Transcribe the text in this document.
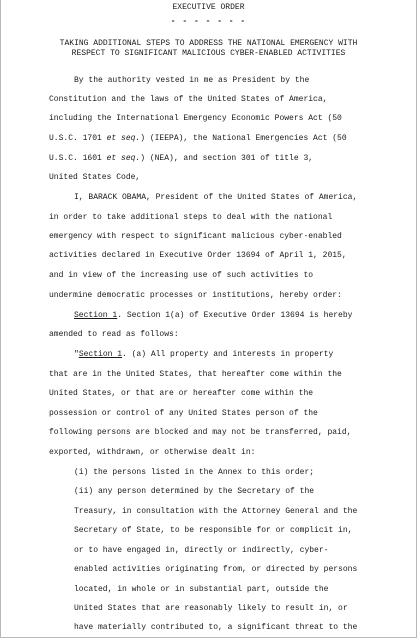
EXECUTIVE ORDER
- - - - - - -
TAKING ADDITIONAL STEPS TO ADDRESS THE NATIONAL EMERGENCY WITH
RESPECT TO SIGNIFICANT MALICIOUS CYBER-ENABLED ACTIVITIES
By the authority vested in me as President by the
Constitution and the laws of the United States of America,
including the International Emergency Economic Powers Act (50
U.S.C. 1701 et seq.) (IEEPA), the National Emergencies Act (50
U.S.C. 1601 et seq.) (NEA), and section 301 of title 3,
United States Code,
I, BARACK OBAMA, President of the United States of America,
in order to take additional steps to deal with the national
emergency with respect to significant malicious cyber-enabled
activities declared in Executive Order 13694 of April 1, 2015,
and in view of the increasing use of such activities to
undermine democratic processes or institutions, hereby order:
Section 1. Section 1(a) of Executive Order 13694 is hereby
amended to read as follows:
"Section 1. (a) All property and interests in property
that are in the United States, that hereafter come within the
United States, or that are or hereafter come within the
possession or control of any United States person of the
following persons are blocked and may not be transferred, paid,
exported, withdrawn, or otherwise dealt in:
(i) the persons listed in the Annex to this order;
(ii) any person determined by the Secretary of the
Treasury, in consultation with the Attorney General and the
Secretary of State, to be responsible for or complicit in,
or to have engaged in, directly or indirectly, cyber-
enabled activities originating from, or directed by persons
located, in whole or in substantial part, outside the
United States that are reasonably likely to result in, or
have materially contributed to, a significant threat to the
